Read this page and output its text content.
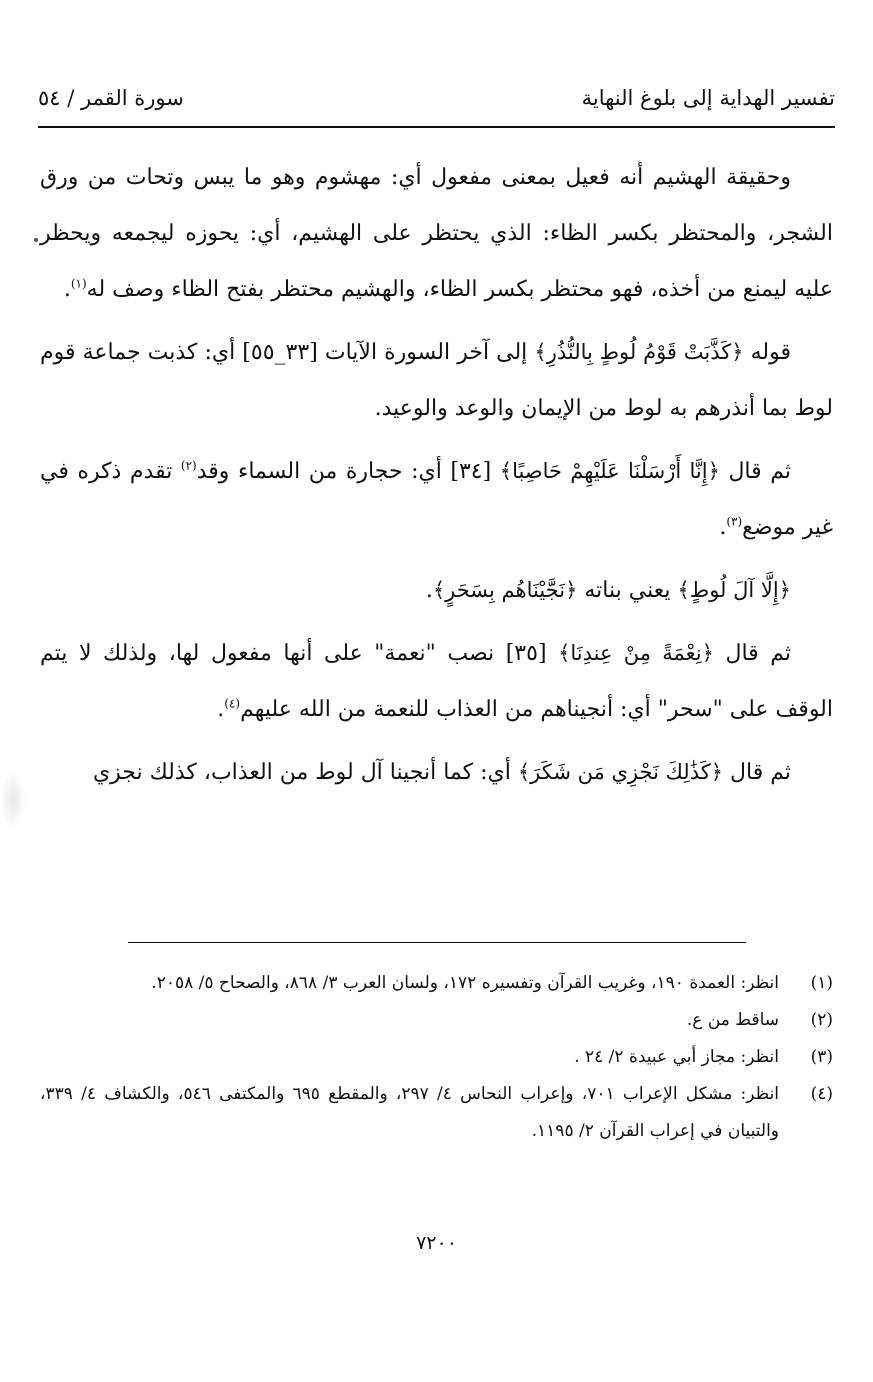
تفسير الهداية إلى بلوغ النهاية
سورة القمر / ٥٤

وحقيقة الهشيم أنه فعيل بمعنى مفعول أي: مهشوم وهو ما يبس وتحات من ورق الشجر، والمحتظر بكسر الظاء: الذي يحتظر على الهشيم، أي: يحوزه ليجمعه ويحظر عليه ليمنع من أخذه، فهو محتظر بكسر الظاء، والهشيم محتظر بفتح الظاء وصف له$^{(١)}$.

قوله ﴿كَذَّبَتْ قَوْمُ لُوطٍ بِالنُّذُرِ﴾ إلى آخر السورة الآيات [٣٣_٥٥] أي: كذبت جماعة قوم لوط بما أنذرهم به لوط من الإيمان والوعد والوعيد.

ثم قال ﴿إِنَّا أَرْسَلْنَا عَلَيْهِمْ حَاصِبًا﴾ [٣٤] أي: حجارة من السماء وقد$^{(٢)}$ تقدم ذكره في غير موضع$^{(٣)}$.

﴿إِلَّا آلَ لُوطٍ﴾ يعني بناته ﴿نَجَّيْنَاهُم بِسَحَرٍ﴾.

ثم قال ﴿نِعْمَةً مِنْ عِندِنَا﴾ [٣٥] نصب "نعمة" على أنها مفعول لها، ولذلك لا يتم الوقف على "سحر" أي: أنجيناهم من العذاب للنعمة من الله عليهم$^{(٤)}$.

ثم قال ﴿كَذَٰلِكَ نَجْزِي مَن شَكَرَ﴾ أي: كما أنجينا آل لوط من العذاب، كذلك نجزي

(١)
انظر: العمدة ١٩٠، وغريب القرآن وتفسيره ١٧٢، ولسان العرب ٣/ ٨٦٨، والصحاح ٥/ ٢٠٥٨.
(٢)
ساقط من ع.
(٣)
انظر: مجاز أبي عبيدة ٢/ ٢٤ .
(٤)
انظر: مشكل الإعراب ٧٠١، وإعراب النحاس ٤/ ٢٩٧، والمقطع ٦٩٥ والمكتفى ٥٤٦، والكشاف ٤/ ٣٣٩، والتبيان في إعراب القرآن ٢/ ١١٩٥.
٧٢٠٠
